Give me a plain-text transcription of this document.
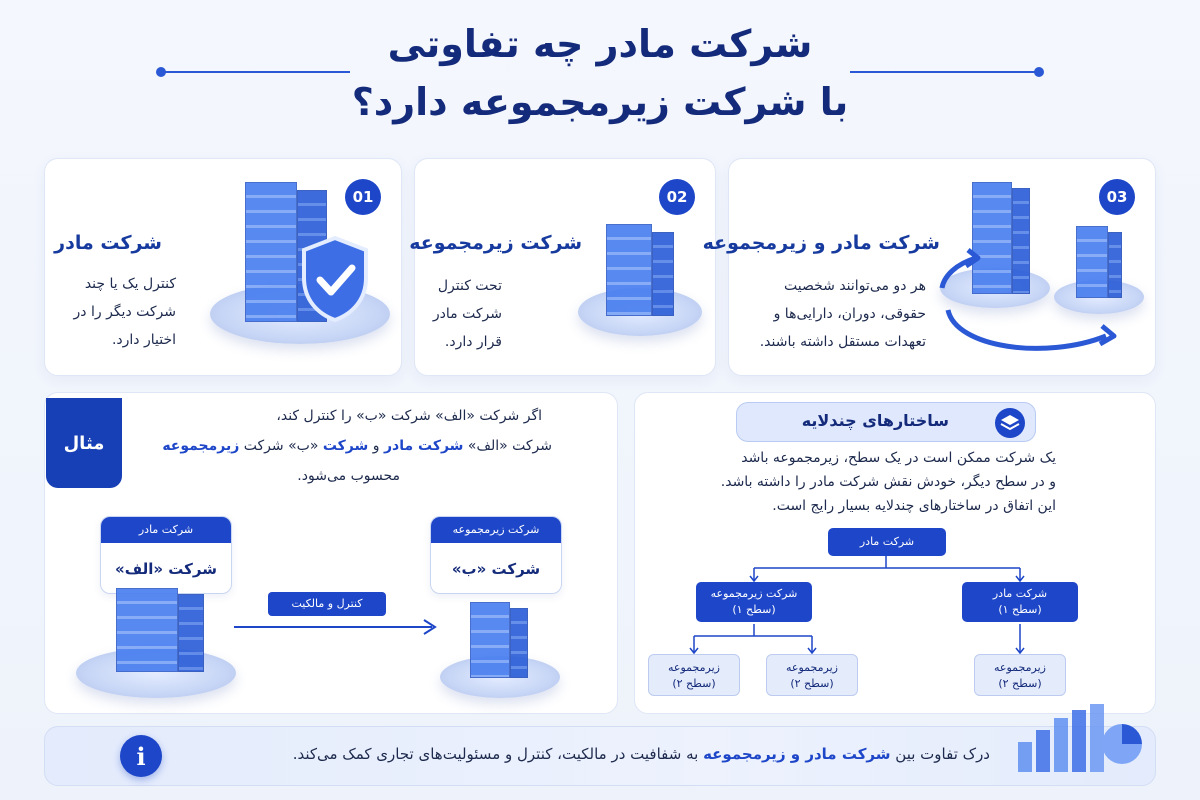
شرکت مادر چه تفاوتی
با شرکت زیرمجموعه دارد؟
01
شرکت مادر
کنترل یک یا چند
شرکت دیگر را در
اختیار دارد.
02
شرکت زیرمجموعه
تحت کنترل
شرکت مادر
قرار دارد.
03
شرکت مادر و زیرمجموعه
هر دو می‌توانند شخصیت
حقوقی، دوران، دارایی‌ها و
تعهدات مستقل داشته باشند.
مثال
اگر شرکت «الف» شرکت «ب» را کنترل کند،
شرکت «الف» شرکت مادر و شرکت «ب» شرکت زیرمجموعه
محسوب می‌شود.
شرکت مادر
شرکت «الف»
شرکت زیرمجموعه
شرکت «ب»
کنترل و مالکیت
ساختارهای چندلایه
یک شرکت ممکن است در یک سطح، زیرمجموعه باشد
و در سطح دیگر، خودش نقش شرکت مادر را داشته باشد.
این اتفاق در ساختارهای چندلایه بسیار رایج است.
شرکت مادر
شرکت زیرمجموعه
(سطح ۱)
شرکت مادر
(سطح ۱)
زیرمجموعه
(سطح ۲)
زیرمجموعه
(سطح ۲)
زیرمجموعه
(سطح ۲)
i	درک تفاوت بین شرکت مادر و زیرمجموعه به شفافیت در مالکیت، کنترل و مسئولیت‌های تجاری کمک می‌کند.
